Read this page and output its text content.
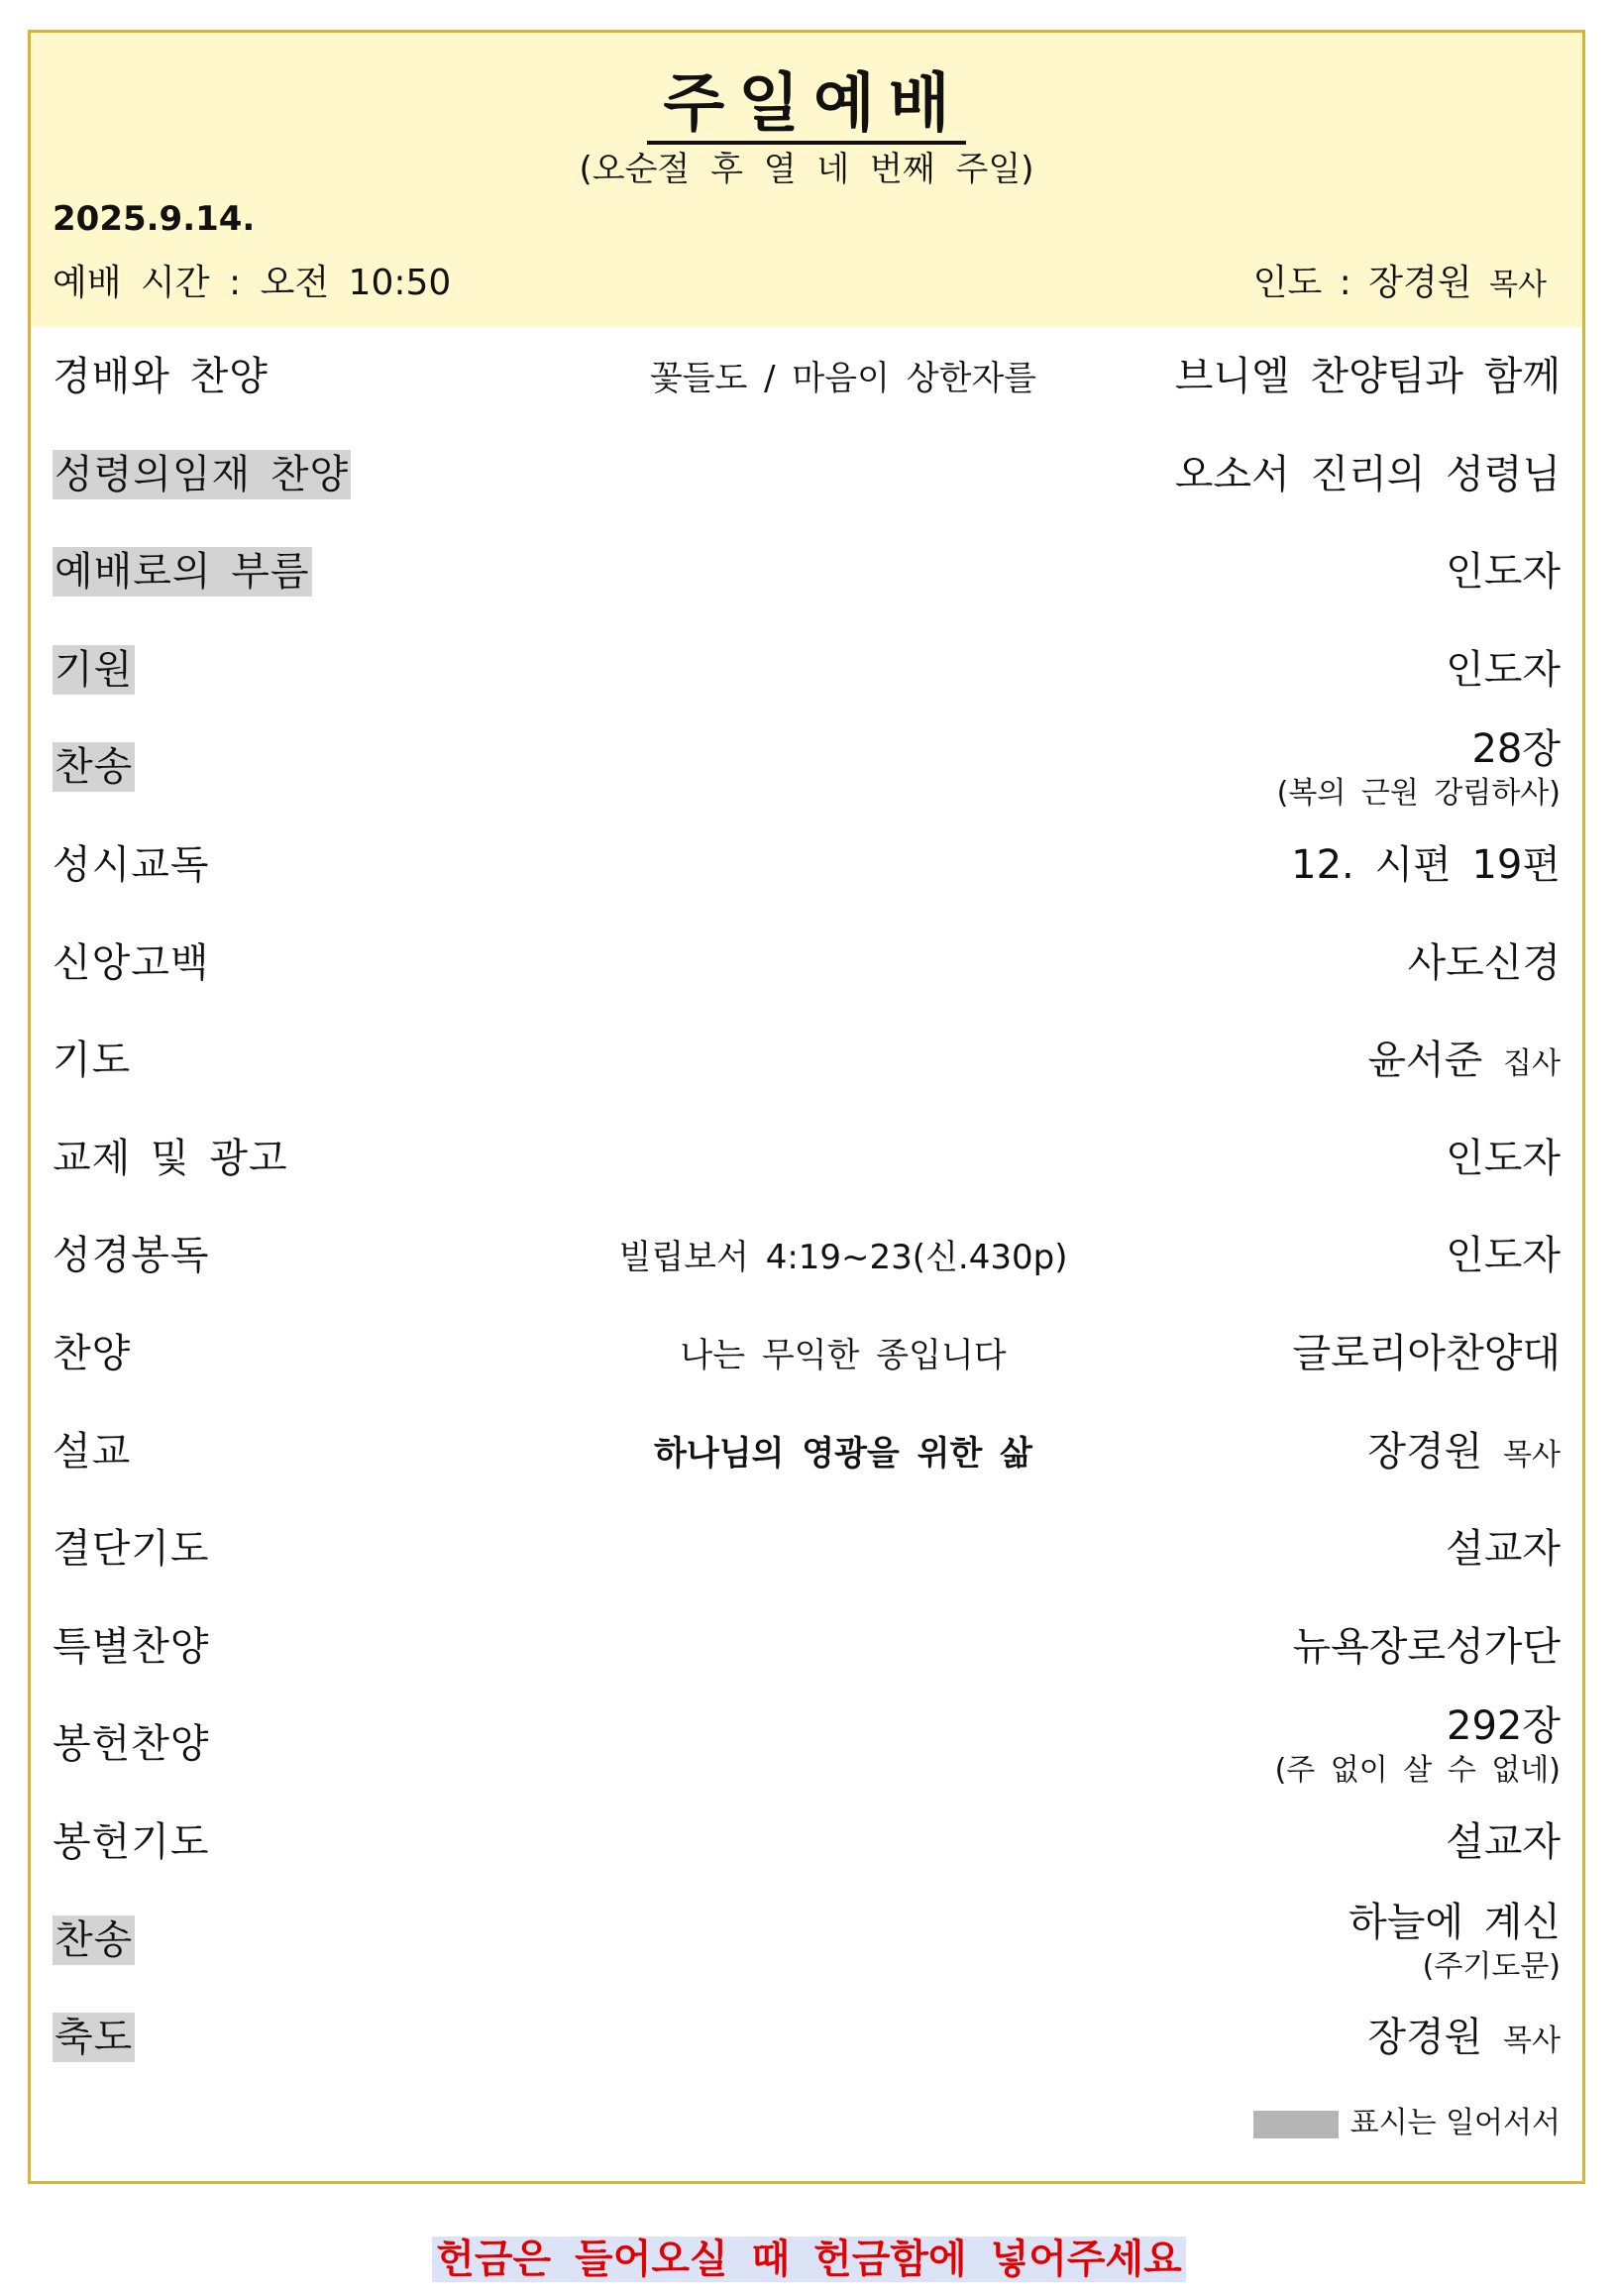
주일예배
(오순절 후 열 네 번째 주일)
2025.9.14.
예배 시간 : 오전 10:50	인도 : 장경원 목사
경배와 찬양	꽃들도 / 마음이 상한자를	브니엘 찬양팀과 함께
성령의임재 찬양	오소서 진리의 성령님
예배로의 부름	인도자
기원	인도자
찬송	28장
(복의 근원 강림하사)
성시교독	12. 시편 19편
신앙고백	사도신경
기도	윤서준 집사
교제 및 광고	인도자
성경봉독	빌립보서 4:19~23(신.430p)	인도자
찬양	나는 무익한 종입니다	글로리아찬양대
설교	하나님의 영광을 위한 삶	장경원 목사
결단기도	설교자
특별찬양	뉴욕장로성가단
봉헌찬양	292장
(주 없이 살 수 없네)
봉헌기도	설교자
찬송	하늘에 계신
(주기도문)
축도	장경원 목사
표시는 일어서서
헌금은 들어오실 때 헌금함에 넣어주세요
